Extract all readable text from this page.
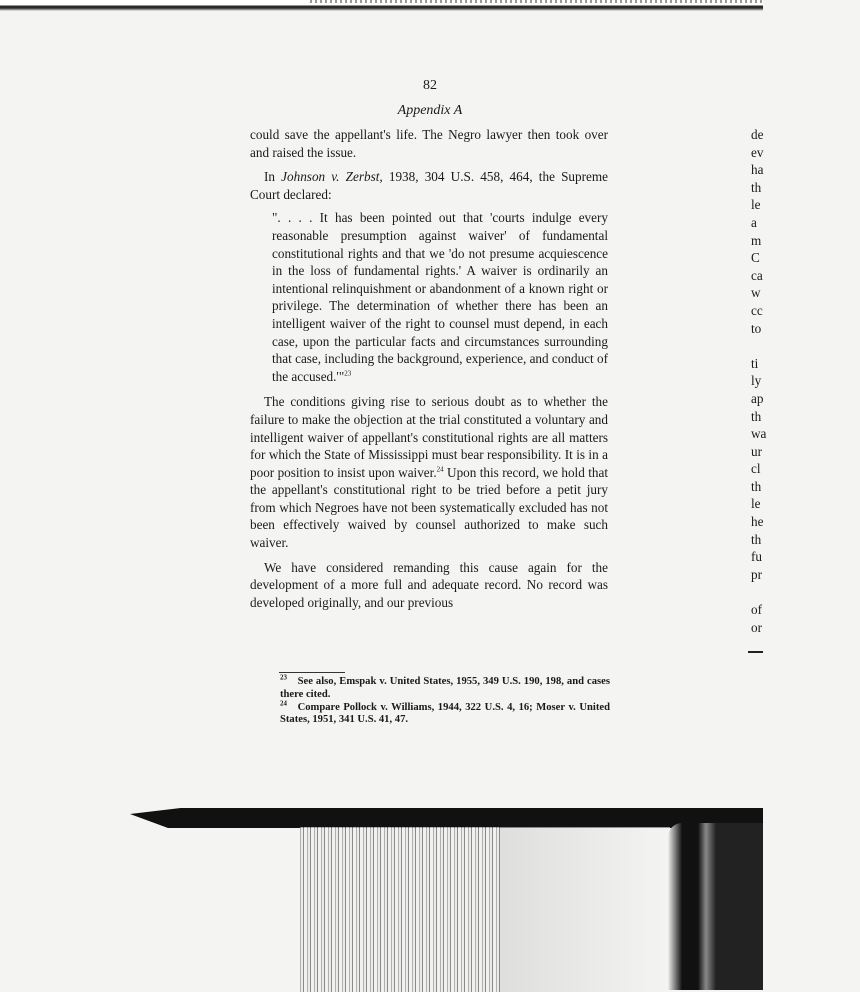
82
Appendix A

could save the appellant's life. The Negro lawyer then took over and raised the issue.

In Johnson v. Zerbst, 1938, 304 U.S. 458, 464, the Supreme Court declared:

". . . . It has been pointed out that 'courts indulge every reasonable presumption against waiver' of fundamental constitutional rights and that we 'do not presume acquiescence in the loss of fundamental rights.' A waiver is ordinarily an intentional relinquishment or abandonment of a known right or privilege. The determination of whether there has been an intelligent waiver of the right to counsel must depend, in each case, upon the particular facts and circumstances surrounding that case, including the background, experience, and conduct of the accused.'"$^{23}$

The conditions giving rise to serious doubt as to whether the failure to make the objection at the trial constituted a voluntary and intelligent waiver of appellant's constitutional rights are all matters for which the State of Mississippi must bear responsibility. It is in a poor position to insist upon waiver.$^{24}$ Upon this record, we hold that the appellant's constitutional right to be tried before a petit jury from which Negroes have not been systematically excluded has not been effectively waived by counsel authorized to make such waiver.

We have considered remanding this cause again for the development of a more full and adequate record. No record was developed originally, and our previous

$^{23}$ See also, Emspak v. United States, 1955, 349 U.S. 190, 198, and cases there cited.

$^{24}$ Compare Pollock v. Williams, 1944, 322 U.S. 4, 16; Moser v. United States, 1951, 341 U.S. 41, 47.

de
ev
ha
th
le
a
m
C
ca
w
cc
to
ti
ly
ap
th
wa
ur
cl
th
le
he
th
fu
pr
of
or
